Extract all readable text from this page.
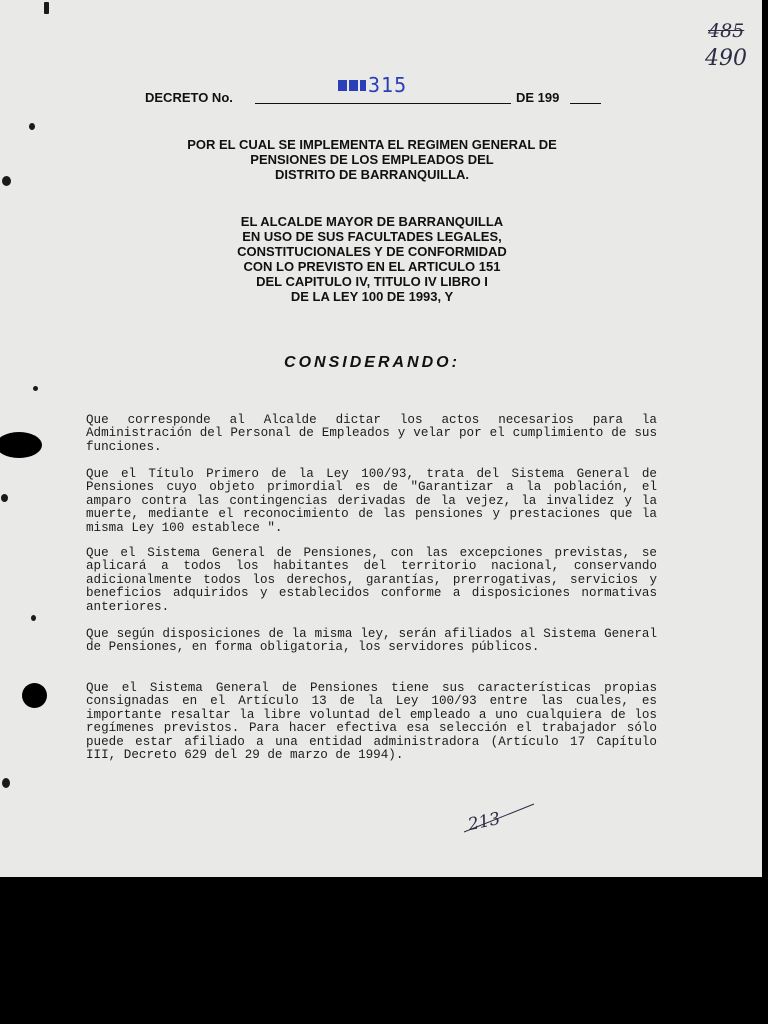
DECRETO No.	DE 199
315
485
490
POR EL CUAL SE IMPLEMENTA EL REGIMEN GENERAL DE
PENSIONES DE LOS EMPLEADOS DEL
DISTRITO DE BARRANQUILLA.
EL ALCALDE MAYOR DE BARRANQUILLA
EN USO DE SUS FACULTADES LEGALES,
CONSTITUCIONALES Y DE CONFORMIDAD
CON LO PREVISTO EN EL ARTICULO 151
DEL CAPITULO IV, TITULO IV LIBRO I
DE LA LEY 100 DE 1993, Y
CONSIDERANDO:
Que corresponde al Alcalde dictar los actos necesarios para la Administración del Personal de Empleados y velar por el cumplimiento de sus funciones.
Que el Título Primero de la Ley 100/93, trata del Sistema General de Pensiones cuyo objeto primordial es de "Garantizar a la población, el amparo contra las contingencias derivadas de la vejez, la invalidez y la muerte, mediante el reconocimiento de las pensiones y prestaciones que la misma Ley 100 establece ".
Que el Sistema General de Pensiones, con las excepciones previstas, se aplicará a todos los habitantes del territorio nacional, conservando adicionalmente todos los derechos, garantías, prerrogativas, servicios y beneficios adquiridos y establecidos conforme a disposiciones normativas anteriores.
Que según disposiciones de la misma ley, serán afiliados al Sistema General de Pensiones, en forma obligatoria, los servidores públicos.
Que el Sistema General de Pensiones tiene sus características propias consignadas en el Artículo 13 de la Ley 100/93 entre las cuales, es importante resaltar la libre voluntad del empleado a uno cualquiera de los regímenes previstos. Para hacer efectiva esa selección el trabajador sólo puede estar afiliado a una entidad administradora (Artículo 17 Capítulo III, Decreto 629 del 29 de marzo de 1994).
213
